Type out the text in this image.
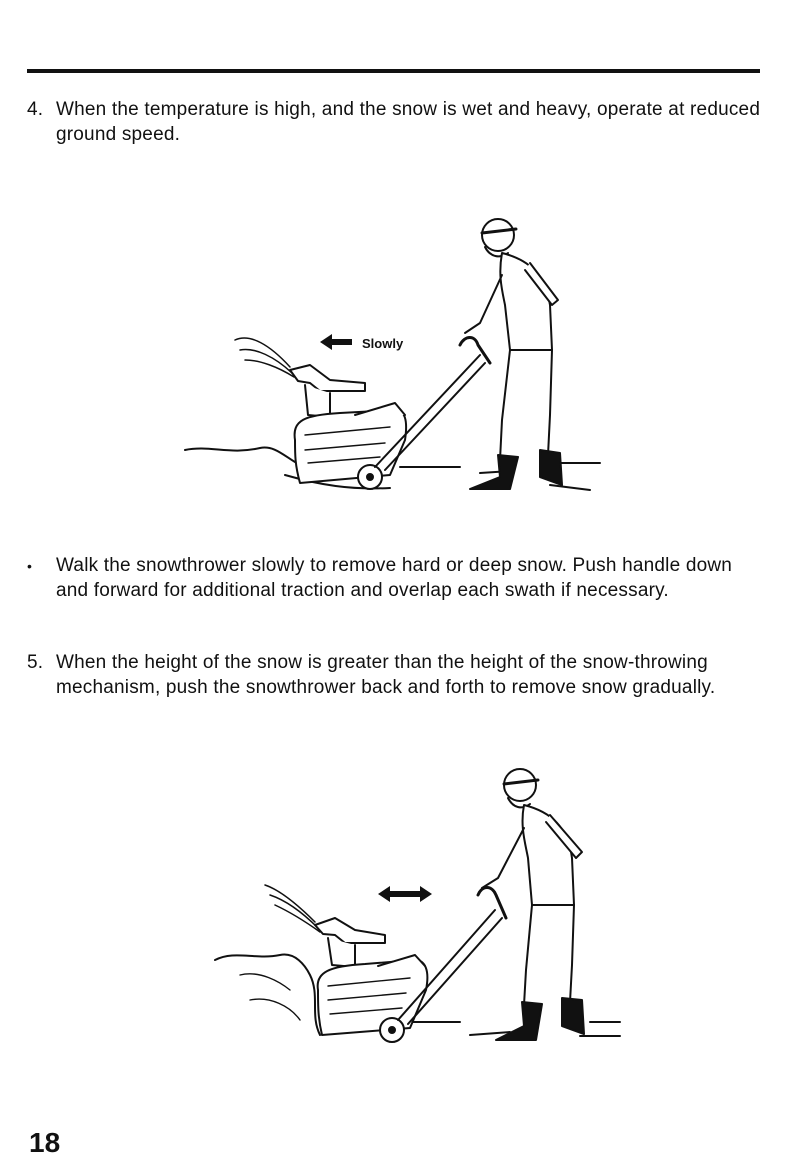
4. When the temperature is high, and the snow is wet and heavy, operate at reduced ground speed.
Slowly
• Walk the snowthrower slowly to remove hard or deep snow. Push handle down and forward for additional traction and overlap each swath if necessary.
5. When the height of the snow is greater than the height of the snow-throwing mechanism, push the snowthrower back and forth to remove snow gradually.
18
